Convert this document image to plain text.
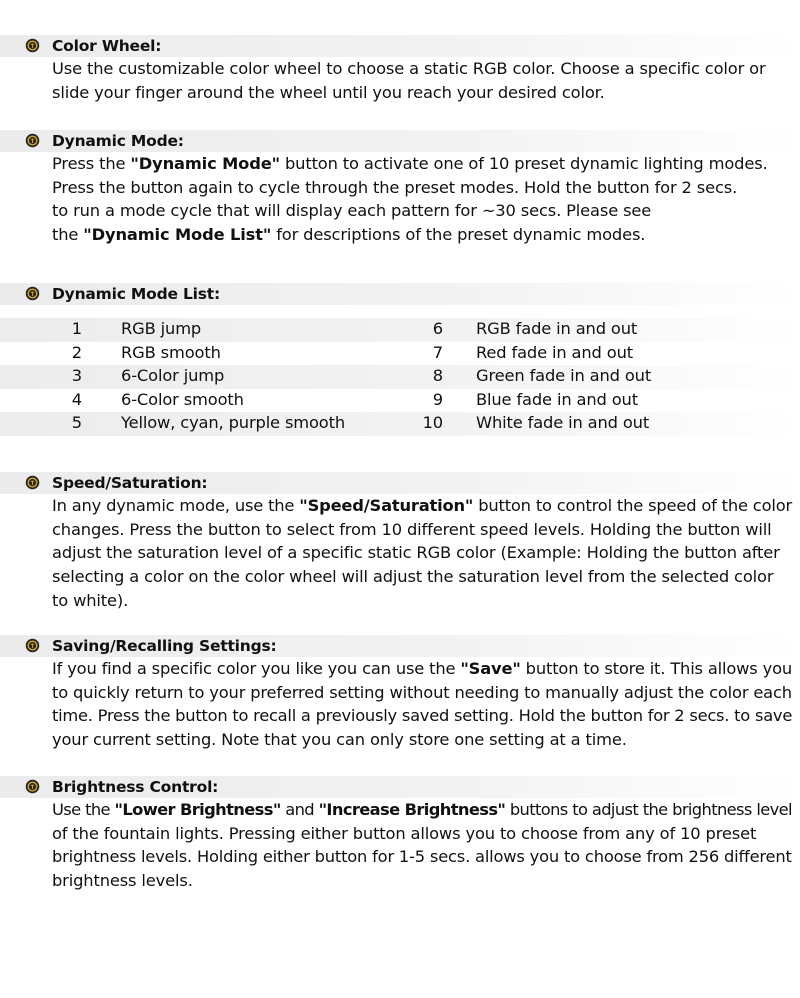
Color Wheel:
Use the customizable color wheel to choose a static RGB color. Choose a specific color or
slide your finger around the wheel until you reach your desired color.
Dynamic Mode:
Press the "Dynamic Mode" button to activate one of 10 preset dynamic lighting modes.
Press the button again to cycle through the preset modes. Hold the button for 2 secs.
to run a mode cycle that will display each pattern for ~30 secs. Please see
the "Dynamic Mode List" for descriptions of the preset dynamic modes.
Dynamic Mode List:
1 RGB jump	6 RGB fade in and out
2 RGB smooth	7 Red fade in and out
3 6-Color jump	8 Green fade in and out
4 6-Color smooth	9 Blue fade in and out
5 Yellow, cyan, purple smooth	10 White fade in and out
Speed/Saturation:
In any dynamic mode, use the "Speed/Saturation" button to control the speed of the color
changes. Press the button to select from 10 different speed levels. Holding the button will
adjust the saturation level of a specific static RGB color (Example: Holding the button after
selecting a color on the color wheel will adjust the saturation level from the selected color
to white).
Saving/Recalling Settings:
If you find a specific color you like you can use the "Save" button to store it. This allows you
to quickly return to your preferred setting without needing to manually adjust the color each
time. Press the button to recall a previously saved setting. Hold the button for 2 secs. to save
your current setting. Note that you can only store one setting at a time.
Brightness Control:
Use the "Lower Brightness" and "Increase Brightness" buttons to adjust the brightness level
of the fountain lights. Pressing either button allows you to choose from any of 10 preset
brightness levels. Holding either button for 1-5 secs. allows you to choose from 256 different
brightness levels.
